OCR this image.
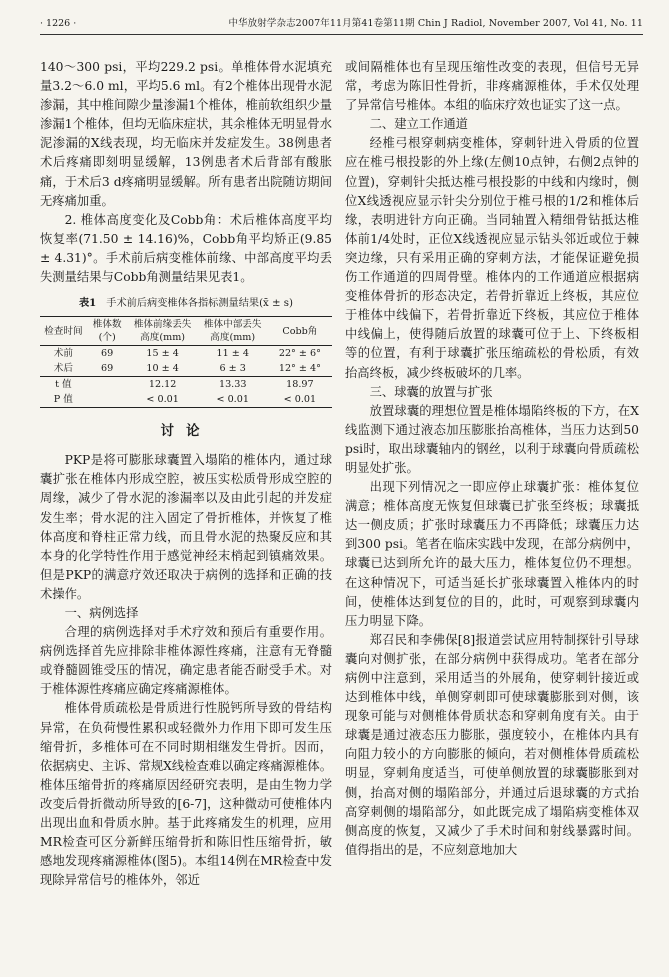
· 1226 ·	中华放射学杂志2007年11月第41卷第11期 Chin J Radiol, November 2007, Vol 41, No. 11

140～300 psi，平均229.2 psi。单椎体骨水泥填充量3.2～6.0 ml，平均5.6 ml。有2个椎体出现骨水泥渗漏，其中椎间隙少量渗漏1个椎体，椎前软组织少量渗漏1个椎体，但均无临床症状，其余椎体无明显骨水泥渗漏的X线表现，均无临床并发症发生。38例患者术后疼痛即刻明显缓解，13例患者术后背部有酸胀痛，于术后3 d疼痛明显缓解。所有患者出院随访期间无疼痛加重。

2. 椎体高度变化及Cobb角：术后椎体高度平均恢复率(71.50 ± 14.16)%，Cobb角平均矫正(9.85 ± 4.31)°。手术前后病变椎体前缘、中部高度平均丢失测量结果与Cobb角测量结果见表1。

表1 手术前后病变椎体各指标测量结果(x̄ ± s)
检查时间	椎体数(个)	椎体前缘丢失高度(mm)	椎体中部丢失高度(mm)	Cobb角
术前	69	15 ± 4	11 ± 4	22° ± 6°
术后	69	10 ± 4	6 ± 3	12° ± 4°
t 值		12.12	13.33	18.97
P 值		< 0.01	< 0.01	< 0.01
讨论

PKP是将可膨胀球囊置入塌陷的椎体内，通过球囊扩张在椎体内形成空腔，被压实松质骨形成空腔的周缘，减少了骨水泥的渗漏率以及由此引起的并发症发生率；骨水泥的注入固定了骨折椎体，并恢复了椎体高度和脊柱正常力线，而且骨水泥的热聚反应和其本身的化学特性作用于感觉神经末梢起到镇痛效果。但是PKP的满意疗效还取决于病例的选择和正确的技术操作。

一、病例选择

合理的病例选择对手术疗效和预后有重要作用。病例选择首先应排除非椎体源性疼痛，注意有无脊髓或脊髓圆锥受压的情况，确定患者能否耐受手术。对于椎体源性疼痛应确定疼痛源椎体。

椎体骨质疏松是骨质进行性脱钙所导致的骨结构异常，在负荷慢性累积或轻微外力作用下即可发生压缩骨折，多椎体可在不同时期相继发生骨折。因而，依据病史、主诉、常规X线检查难以确定疼痛源椎体。椎体压缩骨折的疼痛原因经研究表明，是由生物力学改变后骨折微动所导致的[6-7]，这种微动可使椎体内出现出血和骨质水肿。基于此疼痛发生的机理，应用MR检查可区分新鲜压缩骨折和陈旧性压缩骨折，敏感地发现疼痛源椎体(图5)。本组14例在MR检查中发现除异常信号的椎体外，邻近

或间隔椎体也有呈现压缩性改变的表现，但信号无异常，考虑为陈旧性骨折，非疼痛源椎体，手术仅处理了异常信号椎体。本组的临床疗效也证实了这一点。

二、建立工作通道

经椎弓根穿刺病变椎体，穿刺针进入骨质的位置应在椎弓根投影的外上缘(左侧10点钟，右侧2点钟的位置)，穿刺针尖抵达椎弓根投影的中线和内缘时，侧位X线透视应显示针尖分别位于椎弓根的1/2和椎体后缘，表明进针方向正确。当同轴置入精细骨钻抵达椎体前1/4处时，正位X线透视应显示钻头邻近或位于棘突边缘，只有采用正确的穿刺方法，才能保证避免损伤工作通道的四周骨壁。椎体内的工作通道应根据病变椎体骨折的形态决定，若骨折靠近上终板，其应位于椎体中线偏下，若骨折靠近下终板，其应位于椎体中线偏上，使得随后放置的球囊可位于上、下终板相等的位置，有利于球囊扩张压缩疏松的骨松质，有效抬高终板，减少终板破坏的几率。

三、球囊的放置与扩张

放置球囊的理想位置是椎体塌陷终板的下方，在X线监测下通过液态加压膨胀抬高椎体，当压力达到50 psi时，取出球囊轴内的钢丝，以利于球囊向骨质疏松明显处扩张。

出现下列情况之一即应停止球囊扩张：椎体复位满意；椎体高度无恢复但球囊已扩张至终板；球囊抵达一侧皮质；扩张时球囊压力不再降低；球囊压力达到300 psi。笔者在临床实践中发现，在部分病例中，球囊已达到所允许的最大压力，椎体复位仍不理想。在这种情况下，可适当延长扩张球囊置入椎体内的时间，使椎体达到复位的目的，此时，可观察到球囊内压力明显下降。

郑召民和李佛保[8]报道尝试应用特制探针引导球囊向对侧扩张，在部分病例中获得成功。笔者在部分病例中注意到，采用适当的外展角，使穿刺针接近或达到椎体中线，单侧穿刺即可使球囊膨胀到对侧，该现象可能与对侧椎体骨质状态和穿刺角度有关。由于球囊是通过液态压力膨胀，强度较小，在椎体内具有向阻力较小的方向膨胀的倾向，若对侧椎体骨质疏松明显，穿刺角度适当，可使单侧放置的球囊膨胀到对侧，抬高对侧的塌陷部分，并通过后退球囊的方式抬高穿刺侧的塌陷部分，如此既完成了塌陷病变椎体双侧高度的恢复，又减少了手术时间和射线暴露时间。值得指出的是，不应刻意地加大
